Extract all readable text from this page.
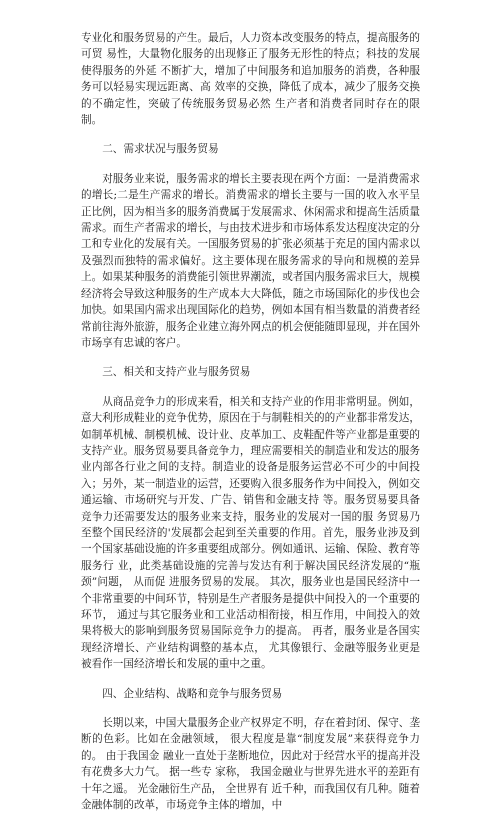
专业化和服务贸易的产生。最后，人力资本改变服务的特点，提高服务的可贸 易性，大量物化服务的出现修正了服务无形性的特点；科技的发展使得服务的外延 不断扩大，增加了中间服务和追加服务的消费，各种服务可以轻易实现远距离、高 效率的交换，降低了成本，减少了服务交换的不确定性，突破了传统服务贸易必然 生产者和消费者同时存在的限制。

二、需求状况与服务贸易

对服务业来说，服务需求的增长主要表现在两个方面：一是消费需求的增长;二是生产需求的增长。消费需求的增长主要与一国的收入水平呈正比例，因为相当多的服务消费属于发展需求、休闲需求和提高生活质量需求。而生产者需求的增长，与由技术进步和市场体系发达程度决定的分工和专业化的发展有关。一国服务贸易的扩张必须基于充足的国内需求以及强烈而独特的需求偏好。这主要体现在服务需求的导向和规模的差异上。如果某种服务的消费能引领世界潮流，或者国内服务需求巨大，规模经济将会导致这种服务的生产成本大大降低，随之市场国际化的步伐也会加快。如果国内需求出现国际化的趋势，例如本国有相当数量的消费者经常前往海外旅游，服务企业建立海外网点的机会便能随即显现，并在国外市场享有忠诚的客户。

三、相关和支持产业与服务贸易

从商品竞争力的形成来看，相关和支持产业的作用非常明显。例如，意大利形成鞋业的竞争优势，原因在于与制鞋相关的的产业都非常发达，如制革机械、制模机械、设计业、皮革加工、皮鞋配件等产业都是重要的支持产业。服务贸易要具备竞争力，理应需要相关的制造业和发达的服务业内部各行业之间的支持。制造业的设备是服务运营必不可少的中间投入；另外，某一制造业的运营，还要购入很多服务作为中间投入，例如交通运输、市场研究与开发、广告、销售和金融支持 等。服务贸易要具备竞争力还需要发达的服务业来支持，服务业的发展对一国的服 务贸易乃至整个国民经济的'发展都会起到至关重要的作用。首先，服务业涉及到 一个国家基础设施的许多重要组成部分。例如通讯、运输、保险、教育等服务行 业，此类基础设施的完善与发达有利于解决国民经济发展的“瓶颈”问题， 从而促 进服务贸易的发展。 其次，服务业也是国民经济中一个非常重要的中间环节，特别是生产者服务是提供中间投入的一个重要的环节， 通过与其它服务业和工业活动相衔接，相互作用，中间投入的效果将极大的影响到服务贸易国际竞争力的提高。 再者，服务业是各国实现经济增长、产业结构调整的基本点， 尤其像银行、金融等服务业更是被看作一国经济增长和发展的重中之重。

四、企业结构、战略和竞争与服务贸易

长期以来，中国大量服务企业产权界定不明，存在着封闭、保守、垄断的色彩。比如在金融领域， 很大程度是靠“制度发展”来获得竞争力的。 由于我国金 融业一直处于垄断地位，因此对于经营水平的提高并没有花费多大力气。 据一些专 家称， 我国金融业与世界先进水平的差距有十年之遥。 光金融衍生产品， 全世界有 近千种，而我国仅有几种。随着金融体制的改革，市场竞争主体的增加，中
